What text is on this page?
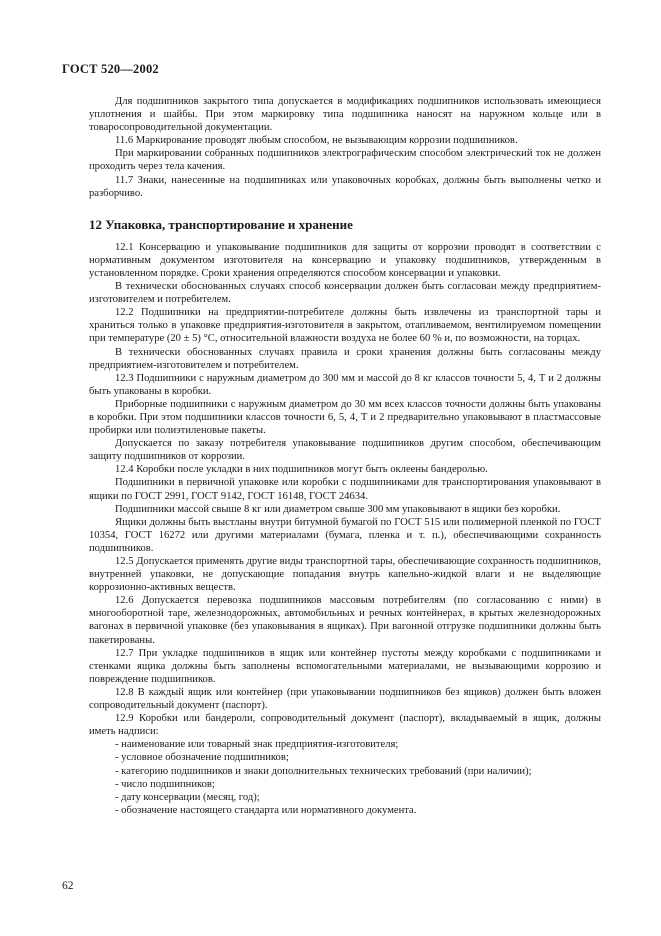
ГОСТ 520—2002

Для подшипников закрытого типа допускается в модификациях подшипников использовать имеющиеся уплотнения и шайбы. При этом маркировку типа подшипника наносят на наружном кольце или в товаросопроводительной документации.

11.6 Маркирование проводят любым способом, не вызывающим коррозии подшипников.

При маркировании собранных подшипников электрографическим способом электрический ток не должен проходить через тела качения.

11.7 Знаки, нанесенные на подшипниках или упаковочных коробках, должны быть выполнены четко и разборчиво.

12 Упаковка, транспортирование и хранение

12.1 Консервацию и упаковывание подшипников для защиты от коррозии проводят в соответствии с нормативным документом изготовителя на консервацию и упаковку подшипников, утвержденным в установленном порядке. Сроки хранения определяются способом консервации и упаковки.

В технически обоснованных случаях способ консервации должен быть согласован между предприятием-изготовителем и потребителем.

12.2 Подшипники на предприятии-потребителе должны быть извлечены из транспортной тары и храниться только в упаковке предприятия-изготовителя в закрытом, отапливаемом, вентилируемом помещении при температуре (20 ± 5) °С, относительной влажности воздуха не более 60 % и, по возможности, на торцах.

В технически обоснованных случаях правила и сроки хранения должны быть согласованы между предприятием-изготовителем и потребителем.

12.3 Подшипники с наружным диаметром до 300 мм и массой до 8 кг классов точности 5, 4, Т и 2 должны быть упакованы в коробки.

Приборные подшипники с наружным диаметром до 30 мм всех классов точности должны быть упакованы в коробки. При этом подшипники классов точности 6, 5, 4, Т и 2 предварительно упаковывают в пластмассовые пробирки или полиэтиленовые пакеты.

Допускается по заказу потребителя упаковывание подшипников другим способом, обеспечивающим защиту подшипников от коррозии.

12.4 Коробки после укладки в них подшипников могут быть оклеены бандеролью.

Подшипники в первичной упаковке или коробки с подшипниками для транспортирования упаковывают в ящики по ГОСТ 2991, ГОСТ 9142, ГОСТ 16148, ГОСТ 24634.

Подшипники массой свыше 8 кг или диаметром свыше 300 мм упаковывают в ящики без коробки.

Ящики должны быть выстланы внутри битумной бумагой по ГОСТ 515 или полимерной пленкой по ГОСТ 10354, ГОСТ 16272 или другими материалами (бумага, пленка и т. п.), обеспечивающими сохранность подшипников.

12.5 Допускается применять другие виды транспортной тары, обеспечивающие сохранность подшипников, внутренней упаковки, не допускающие попадания внутрь капельно-жидкой влаги и не выделяющие коррозионно-активных веществ.

12.6 Допускается перевозка подшипников массовым потребителям (по согласованию с ними) в многооборотной таре, железнодорожных, автомобильных и речных контейнерах, в крытых железнодорожных вагонах в первичной упаковке (без упаковывания в ящиках). При вагонной отгрузке подшипники должны быть пакетированы.

12.7 При укладке подшипников в ящик или контейнер пустоты между коробками с подшипниками и стенками ящика должны быть заполнены вспомогательными материалами, не вызывающими коррозию и повреждение подшипников.

12.8 В каждый ящик или контейнер (при упаковывании подшипников без ящиков) должен быть вложен сопроводительный документ (паспорт).

12.9 Коробки или бандероли, сопроводительный документ (паспорт), вкладываемый в ящик, должны иметь надписи:

- наименование или товарный знак предприятия-изготовителя;
- условное обозначение подшипников;
- категорию подшипников и знаки дополнительных технических требований (при наличии);
- число подшипников;
- дату консервации (месяц, год);
- обозначение настоящего стандарта или нормативного документа.
62
